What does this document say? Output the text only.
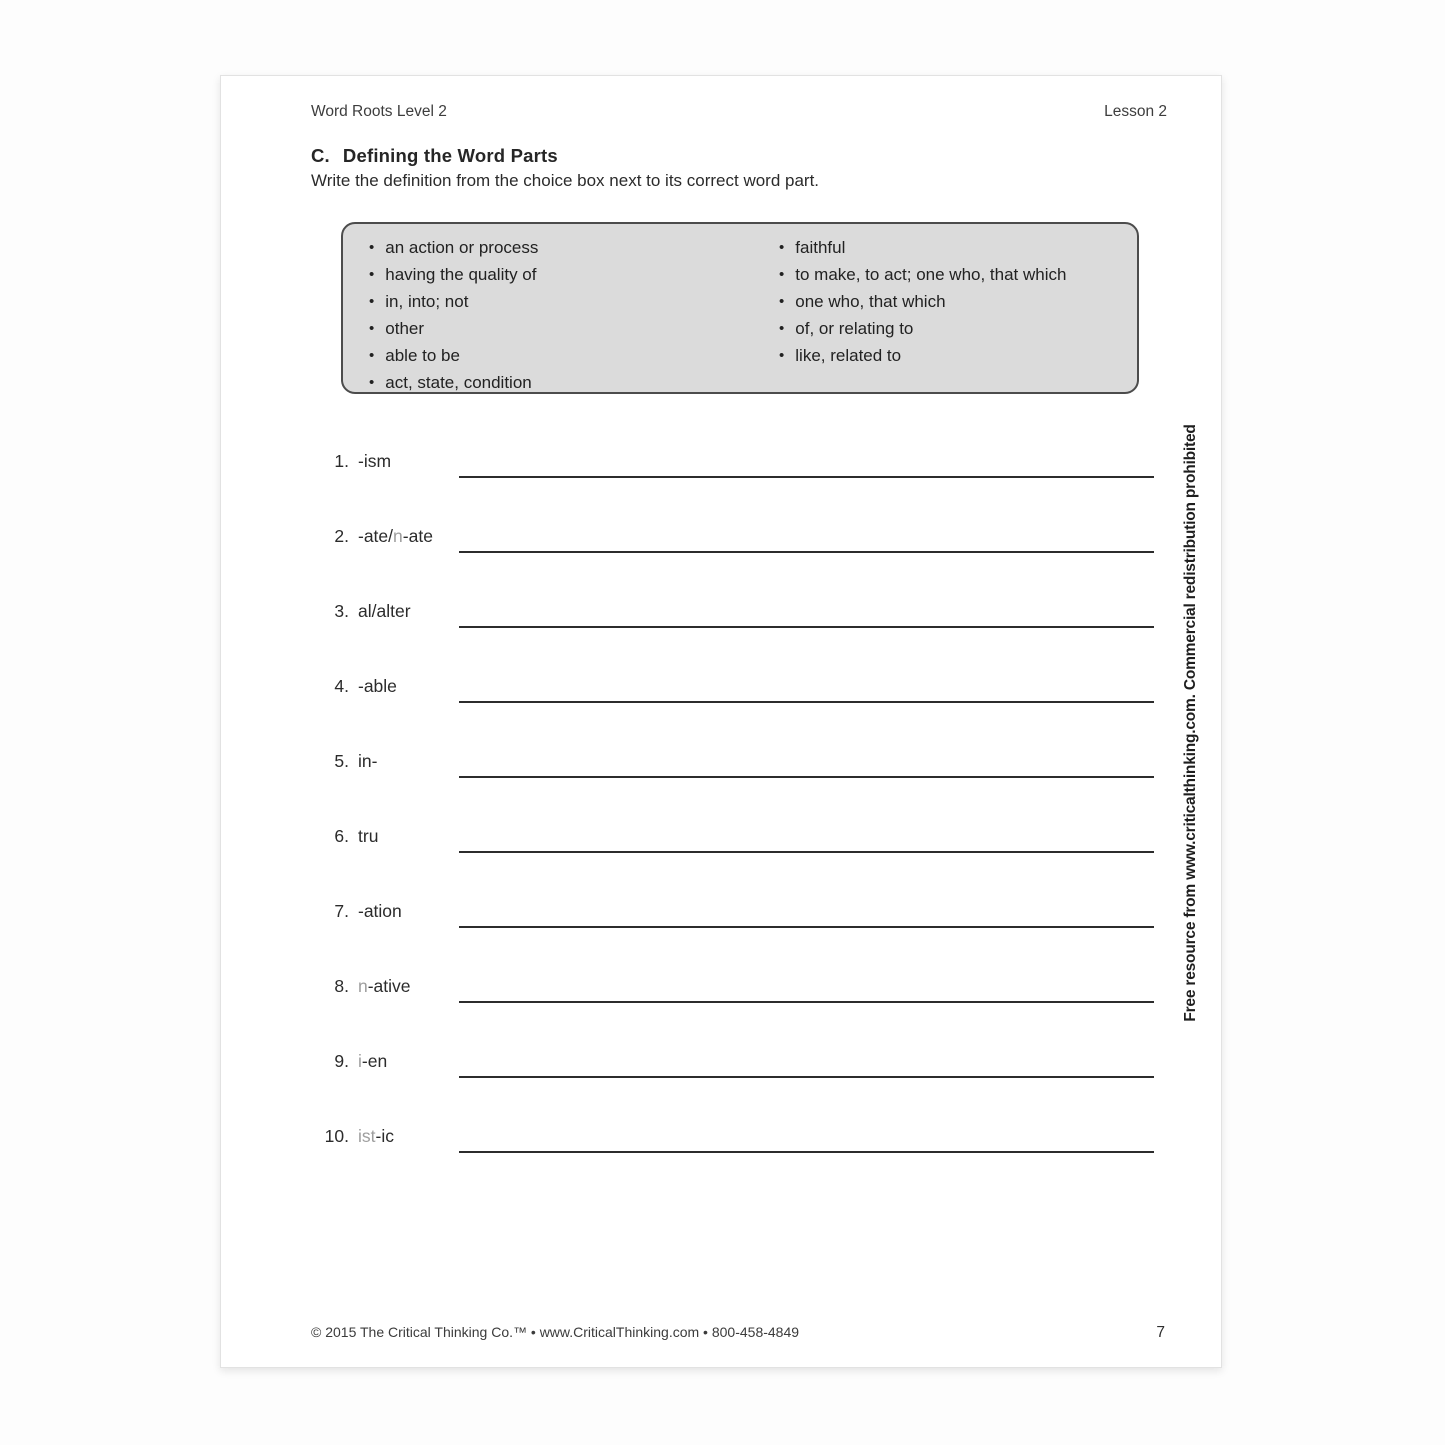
Word Roots Level 2	Lesson 2
C. Defining the Word Parts
Write the definition from the choice box next to its correct word part.
• an action or process
• having the quality of
• in, into; not
• other
• able to be
• act, state, condition
• faithful
• to make, to act; one who, that which
• one who, that which
• of, or relating to
• like, related to
1. -ism
2. -ate/n-ate
3. al/alter
4. -able
5. in-
6. tru
7. -ation
8. n-ative
9. i-en
10. ist-ic
Free resource from www.criticalthinking.com. Commercial redistribution prohibited
© 2015 The Critical Thinking Co.™ • www.CriticalThinking.com • 800-458-4849	7
